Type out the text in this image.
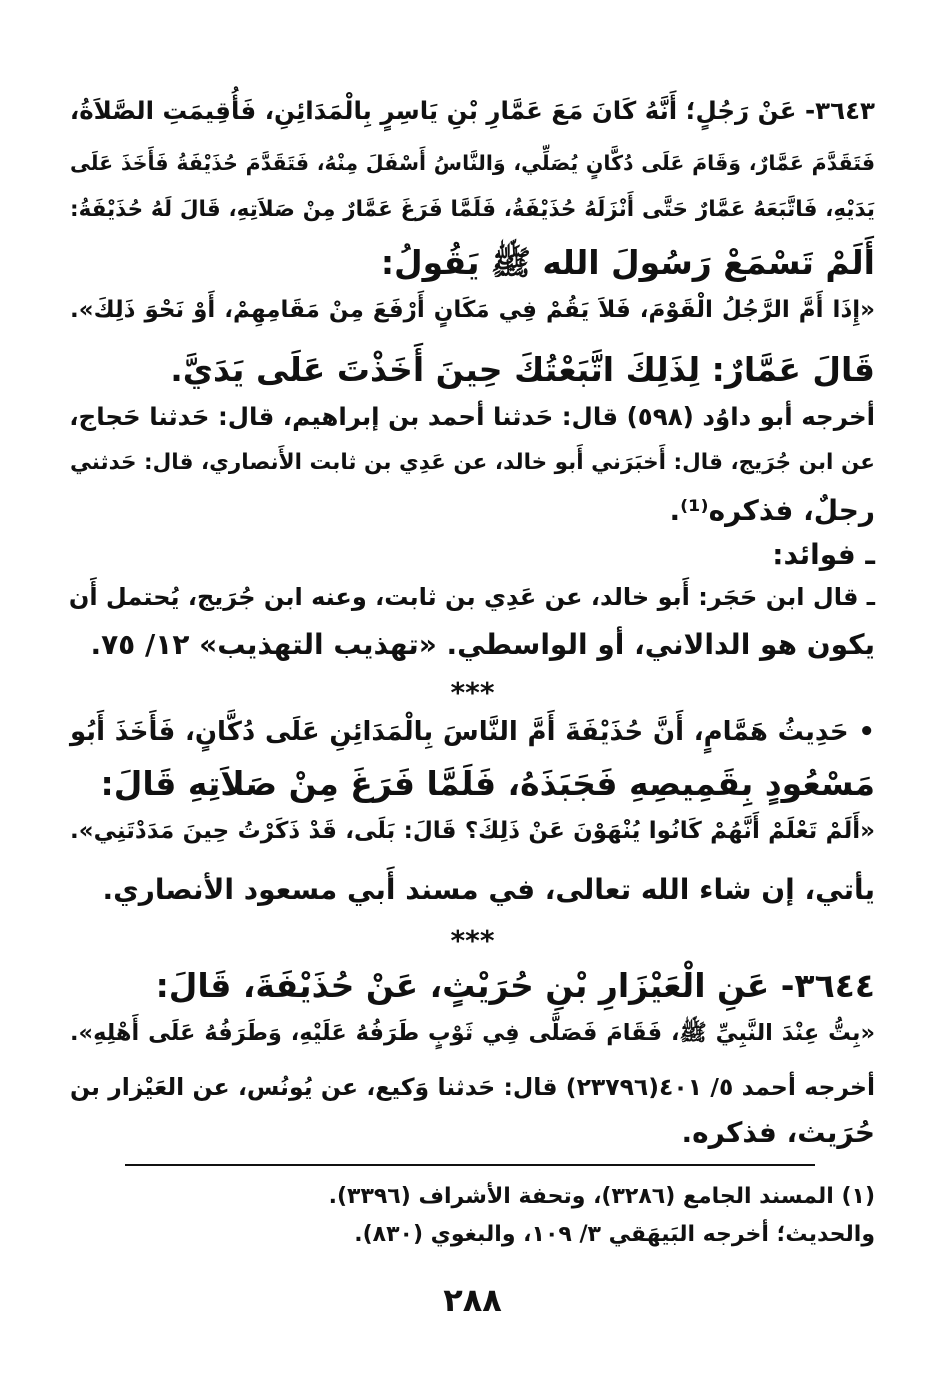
٣٦٤٣- عَنْ رَجُلٍ؛ أَنَّهُ كَانَ مَعَ عَمَّارِ بْنِ يَاسِرٍ بِالْمَدَائِنِ، فَأُقِيمَتِ الصَّلاَةُ،
فَتَقَدَّمَ عَمَّارٌ، وَقَامَ عَلَى دُكَّانٍ يُصَلِّي، وَالنَّاسُ أَسْفَلَ مِنْهُ، فَتَقَدَّمَ حُذَيْفَةُ فَأَخَذَ عَلَى
يَدَيْهِ، فَاتَّبَعَهُ عَمَّارٌ حَتَّى أَنْزَلَهُ حُذَيْفَةُ، فَلَمَّا فَرَغَ عَمَّارٌ مِنْ صَلاَتِهِ، قَالَ لَهُ حُذَيْفَةُ:
أَلَمْ تَسْمَعْ رَسُولَ الله ﷺ يَقُولُ:
«إِذَا أَمَّ الرَّجُلُ الْقَوْمَ، فَلاَ يَقُمْ فِي مَكَانٍ أَرْفَعَ مِنْ مَقَامِهِمْ، أَوْ نَحْوَ ذَلِكَ».
قَالَ عَمَّارٌ: لِذَلِكَ اتَّبَعْتُكَ حِينَ أَخَذْتَ عَلَى يَدَيَّ.
أخرجه أبو داوُد (٥٩٨) قال: حَدثنا أحمد بن إبراهيم، قال: حَدثنا حَجاج،
عن ابن جُرَيج، قال: أَخبَرَني أَبو خالد، عن عَدِي بن ثابت الأَنصاري، قال: حَدثني
رجلٌ، فذكره⁽¹⁾.
ـ فوائد:
ـ قال ابن حَجَر: أَبو خالد، عن عَدِي بن ثابت، وعنه ابن جُرَيج، يُحتمل أَن
يكون هو الدالاني، أو الواسطي. «تهذيب التهذيب» ١٢/ ٧٥.
***
• حَدِيثُ هَمَّامٍ، أَنَّ حُذَيْفَةَ أَمَّ النَّاسَ بِالْمَدَائِنِ عَلَى دُكَّانٍ، فَأَخَذَ أَبُو
مَسْعُودٍ بِقَمِيصِهِ فَجَبَذَهُ، فَلَمَّا فَرَغَ مِنْ صَلاَتِهِ قَالَ:
«أَلَمْ تَعْلَمْ أَنَّهُمْ كَانُوا يُنْهَوْنَ عَنْ ذَلِكَ؟ قَالَ: بَلَى، قَدْ ذَكَرْتُ حِينَ مَدَدْتَنِي».
يأتي، إن شاء الله تعالى، في مسند أَبي مسعود الأنصاري.
***
٣٦٤٤- عَنِ الْعَيْزَارِ بْنِ حُرَيْثٍ، عَنْ حُذَيْفَةَ، قَالَ:
«بِتُّ عِنْدَ النَّبِيِّ ﷺ، فَقَامَ فَصَلَّى فِي ثَوْبٍ طَرَفُهُ عَلَيْهِ، وَطَرَفُهُ عَلَى أَهْلِهِ».
أخرجه أحمد ٥/ ٤٠١(٢٣٧٩٦) قال: حَدثنا وَكيع، عن يُونُس، عن العَيْزار بن
حُرَيث، فذكره.
(١) المسند الجامع (٣٢٨٦)، وتحفة الأشراف (٣٣٩٦).
والحديث؛ أخرجه البَيهَقي ٣/ ١٠٩، والبغوي (٨٣٠).
٢٨٨
